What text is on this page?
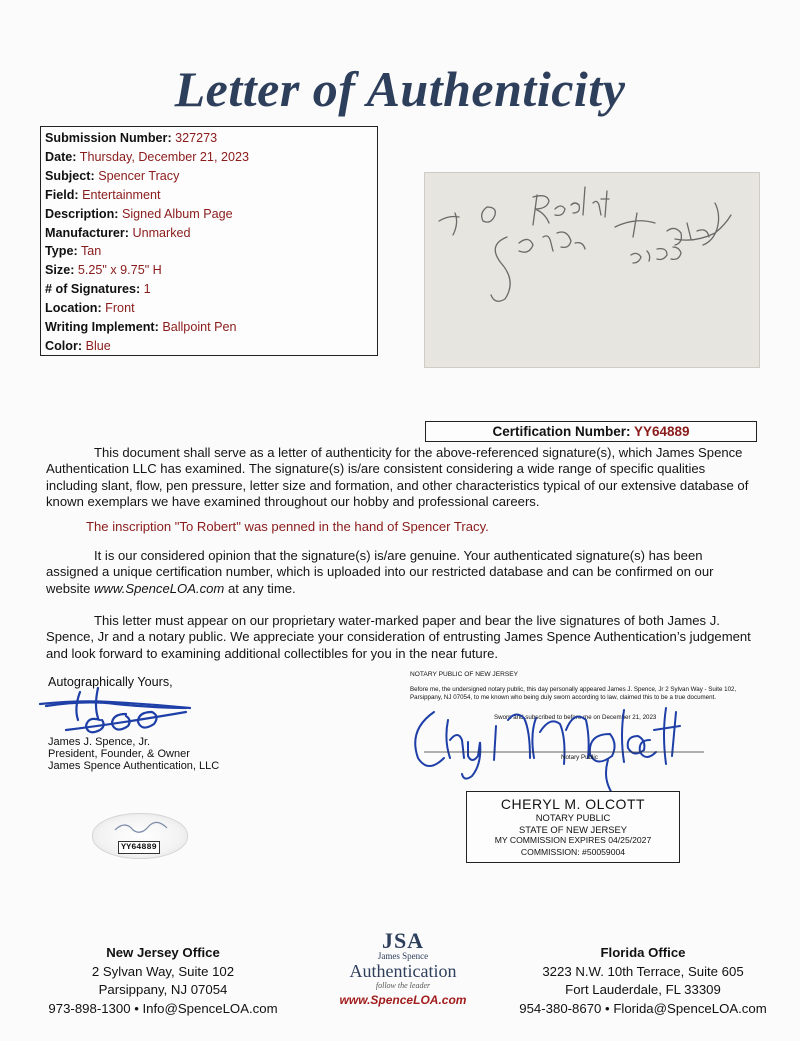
Letter of Authenticity
Submission Number: 327273
Date: Thursday, December 21, 2023
Subject: Spencer Tracy
Field: Entertainment
Description: Signed Album Page
Manufacturer: Unmarked
Type: Tan
Size: 5.25" x 9.75" H
# of Signatures: 1
Location: Front
Writing Implement: Ballpoint Pen
Color: Blue
Certification Number: YY64889
This document shall serve as a letter of authenticity for the above-referenced signature(s), which James Spence Authentication LLC has examined. The signature(s) is/are consistent considering a wide range of specific qualities including slant, flow, pen pressure, letter size and formation, and other characteristics typical of our extensive database of known exemplars we have examined throughout our hobby and professional careers.
The inscription "To Robert" was penned in the hand of Spencer Tracy.
It is our considered opinion that the signature(s) is/are genuine. Your authenticated signature(s) has been assigned a unique certification number, which is uploaded into our restricted database and can be confirmed on our website www.SpenceLOA.com at any time.
This letter must appear on our proprietary water-marked paper and bear the live signatures of both James J. Spence, Jr and a notary public. We appreciate your consideration of entrusting James Spence Authentication’s judgement and look forward to examining additional collectibles for you in the near future.
Autographically Yours,
James J. Spence, Jr.
President, Founder, & Owner
James Spence Authentication, LLC
YY64889
NOTARY PUBLIC OF NEW JERSEY
Before me, the undersigned notary public, this day personally appeared James J. Spence, Jr 2 Sylvan Way - Suite 102, Parsippany, NJ 07054, to me known who being duly sworn according to law, claimed this to be a true document.
Sworn and subscribed to before me on December 21, 2023
Notary Public
CHERYL M. OLCOTT
NOTARY PUBLIC
STATE OF NEW JERSEY
MY COMMISSION EXPIRES 04/25/2027
COMMISSION: #50059004
New Jersey Office
2 Sylvan Way, Suite 102
Parsippany, NJ 07054
973-898-1300 • Info@SpenceLOA.com
JSA
James Spence
Authentication
follow the leader
www.SpenceLOA.com
Florida Office
3223 N.W. 10th Terrace, Suite 605
Fort Lauderdale, FL 33309
954-380-8670 • Florida@SpenceLOA.com
